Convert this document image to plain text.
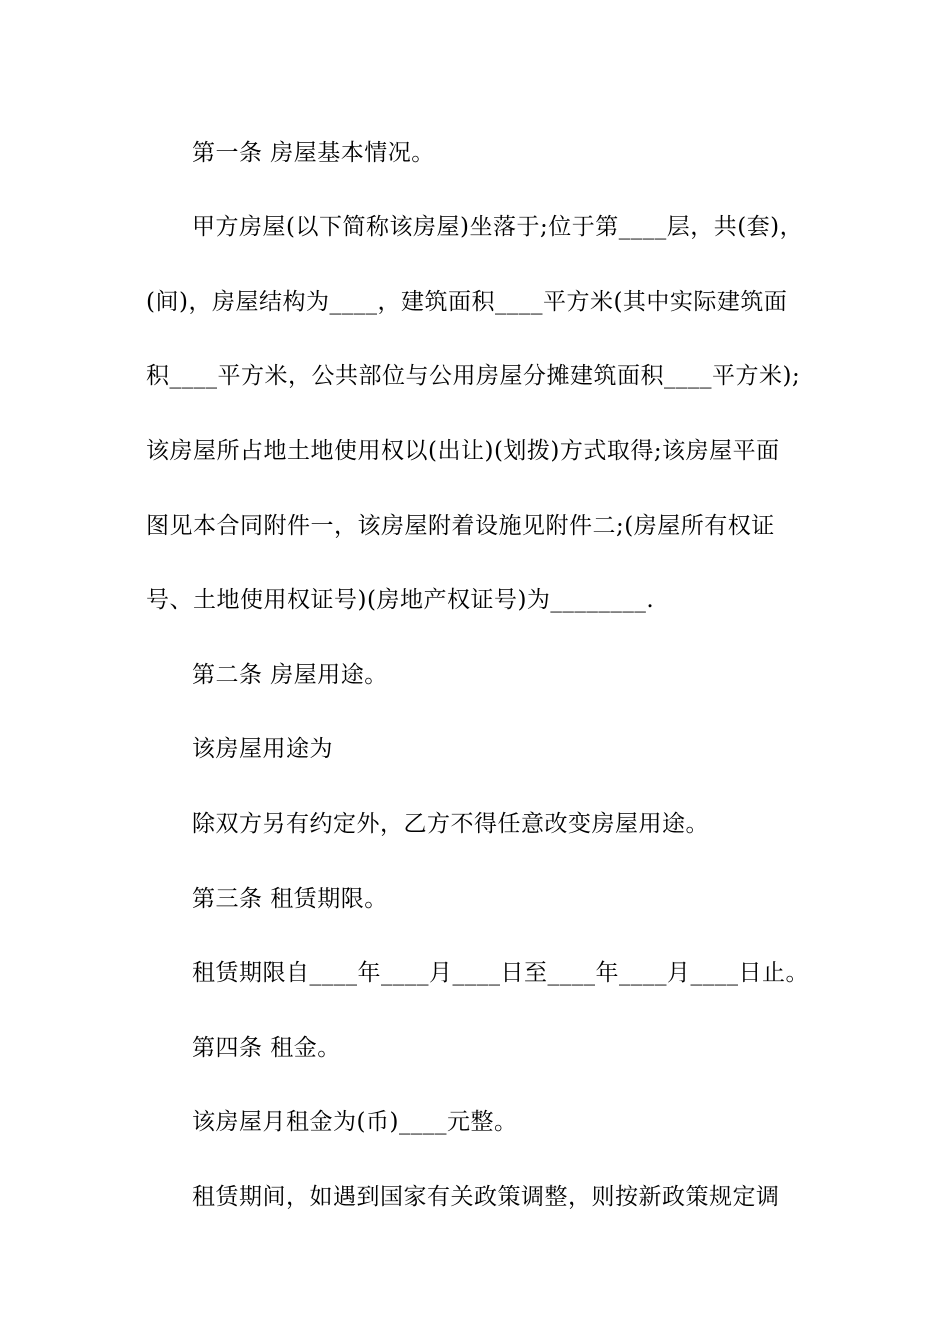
第一条 房屋基本情况。
甲方房屋(以下简称该房屋)坐落于;位于第____层，共(套)，
(间)，房屋结构为____，建筑面积____平方米(其中实际建筑面
积____平方米，公共部位与公用房屋分摊建筑面积____平方米);
该房屋所占地土地使用权以(出让)(划拨)方式取得;该房屋平面
图见本合同附件一，该房屋附着设施见附件二;(房屋所有权证
号、土地使用权证号)(房地产权证号)为________.
第二条 房屋用途。
该房屋用途为
除双方另有约定外，乙方不得任意改变房屋用途。
第三条 租赁期限。
租赁期限自____年____月____日至____年____月____日止。
第四条 租金。
该房屋月租金为(币)____元整。
租赁期间，如遇到国家有关政策调整，则按新政策规定调
